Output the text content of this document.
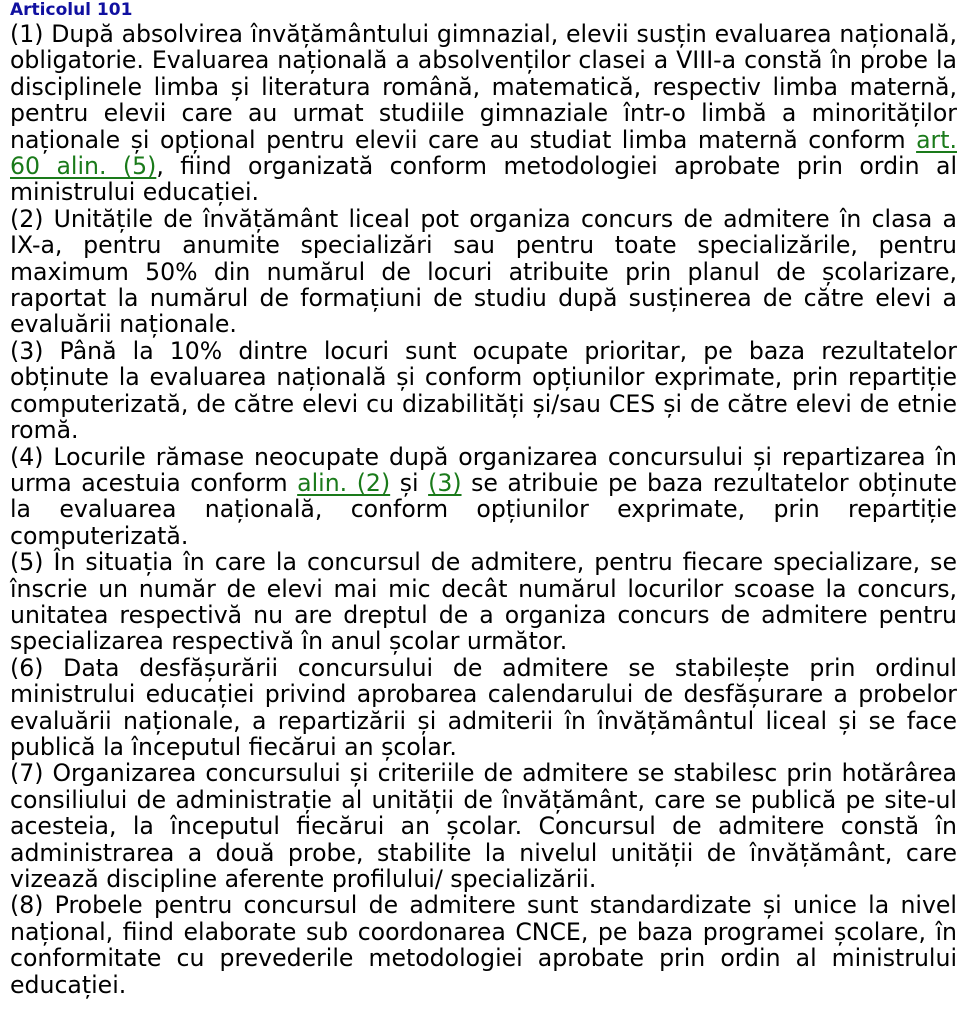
Articolul 101

(1) După absolvirea învățământului gimnazial, elevii susțin evaluarea națională, obligatorie. Evaluarea națională a absolvenților clasei a VIII-a constă în probe la disciplinele limba și literatura română, matematică, respectiv limba maternă, pentru elevii care au urmat studiile gimnaziale într-o limbă a minorităților naționale și opțional pentru elevii care au studiat limba maternă conform art. 60 alin. (5), fiind organizată conform metodologiei aprobate prin ordin al ministrului educației.

(2) Unitățile de învățământ liceal pot organiza concurs de admitere în clasa a IX-a, pentru anumite specializări sau pentru toate specializările, pentru maximum 50% din numărul de locuri atribuite prin planul de școlarizare, raportat la numărul de formațiuni de studiu după susținerea de către elevi a evaluării naționale.

(3) Până la 10% dintre locuri sunt ocupate prioritar, pe baza rezultatelor obținute la evaluarea națională și conform opțiunilor exprimate, prin repartiție computerizată, de către elevi cu dizabilități și/sau CES și de către elevi de etnie romă.

(4) Locurile rămase neocupate după organizarea concursului și repartizarea în urma acestuia conform alin. (2) și (3) se atribuie pe baza rezultatelor obținute la evaluarea națională, conform opțiunilor exprimate, prin repartiție computerizată.

(5) În situația în care la concursul de admitere, pentru fiecare specializare, se înscrie un număr de elevi mai mic decât numărul locurilor scoase la concurs, unitatea respectivă nu are dreptul de a organiza concurs de admitere pentru specializarea respectivă în anul școlar următor.

(6) Data desfășurării concursului de admitere se stabilește prin ordinul ministrului educației privind aprobarea calendarului de desfășurare a probelor evaluării naționale, a repartizării și admiterii în învățământul liceal și se face publică la începutul fiecărui an școlar.

(7) Organizarea concursului și criteriile de admitere se stabilesc prin hotărârea consiliului de administrație al unității de învățământ, care se publică pe site-ul acesteia, la începutul fiecărui an școlar. Concursul de admitere constă în administrarea a două probe, stabilite la nivelul unității de învățământ, care vizează discipline aferente profilului/ specializării.

(8) Probele pentru concursul de admitere sunt standardizate și unice la nivel național, fiind elaborate sub coordonarea CNCE, pe baza programei școlare, în conformitate cu prevederile metodologiei aprobate prin ordin al ministrului educației.
